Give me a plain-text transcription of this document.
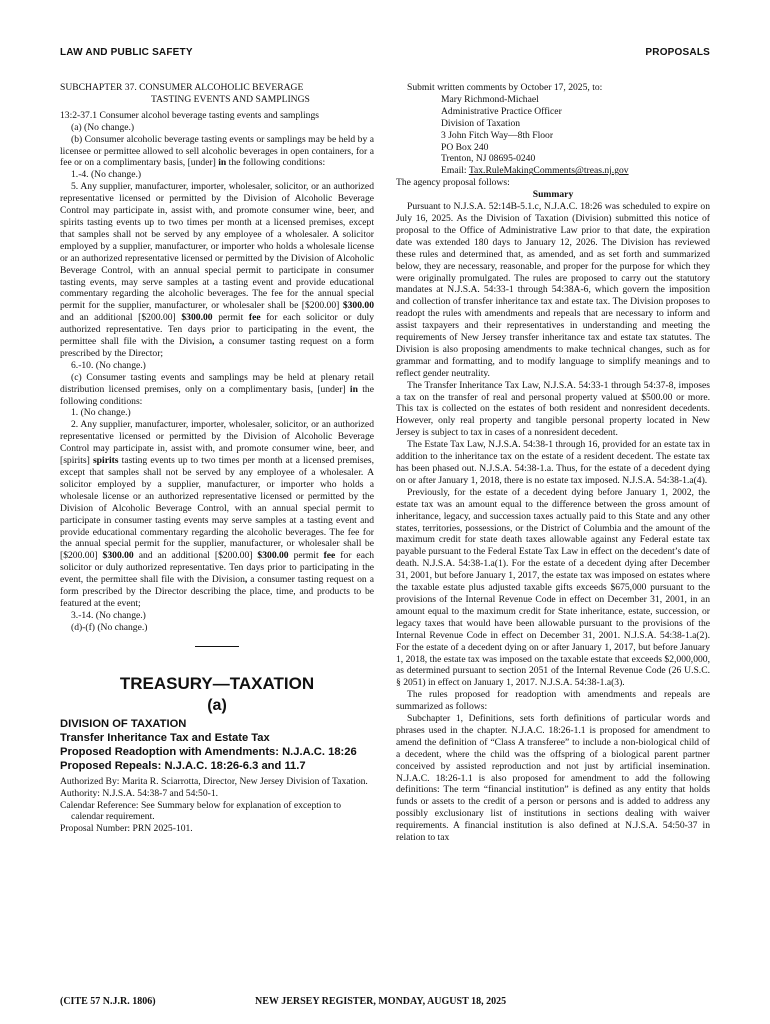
LAW AND PUBLIC SAFETY	PROPOSALS

SUBCHAPTER 37. CONSUMER ALCOHOLIC BEVERAGE
TASTING EVENTS AND SAMPLINGS

13:2-37.1 Consumer alcohol beverage tasting events and samplings

(a) (No change.)

(b) Consumer alcoholic beverage tasting events or samplings may be held by a licensee or permittee allowed to sell alcoholic beverages in open containers, for a fee or on a complimentary basis, [under] in the following conditions:

1.-4. (No change.)

5. Any supplier, manufacturer, importer, wholesaler, solicitor, or an authorized representative licensed or permitted by the Division of Alcoholic Beverage Control may participate in, assist with, and promote consumer wine, beer, and spirits tasting events up to two times per month at a licensed premises, except that samples shall not be served by any employee of a wholesaler. A solicitor employed by a supplier, manufacturer, or importer who holds a wholesale license or an authorized representative licensed or permitted by the Division of Alcoholic Beverage Control, with an annual special permit to participate in consumer tasting events, may serve samples at a tasting event and provide educational commentary regarding the alcoholic beverages. The fee for the annual special permit for the supplier, manufacturer, or wholesaler shall be [$200.00] $300.00 and an additional [$200.00] $300.00 permit fee for each solicitor or duly authorized representative. Ten days prior to participating in the event, the permittee shall file with the Division, a consumer tasting request on a form prescribed by the Director;

6.-10. (No change.)

(c) Consumer tasting events and samplings may be held at plenary retail distribution licensed premises, only on a complimentary basis, [under] in the following conditions:

1. (No change.)

2. Any supplier, manufacturer, importer, wholesaler, solicitor, or an authorized representative licensed or permitted by the Division of Alcoholic Beverage Control may participate in, assist with, and promote consumer wine, beer, and [spirits] spirits tasting events up to two times per month at a licensed premises, except that samples shall not be served by any employee of a wholesaler. A solicitor employed by a supplier, manufacturer, or importer who holds a wholesale license or an authorized representative licensed or permitted by the Division of Alcoholic Beverage Control, with an annual special permit to participate in consumer tasting events may serve samples at a tasting event and provide educational commentary regarding the alcoholic beverages. The fee for the annual special permit for the supplier, manufacturer, or wholesaler shall be [$200.00] $300.00 and an additional [$200.00] $300.00 permit fee for each solicitor or duly authorized representative. Ten days prior to participating in the event, the permittee shall file with the Division, a consumer tasting request on a form prescribed by the Director describing the place, time, and products to be featured at the event;

3.-14. (No change.)

(d)-(f) (No change.)

TREASURY—TAXATION

(a)

DIVISION OF TAXATION

Transfer Inheritance Tax and Estate Tax

Proposed Readoption with Amendments: N.J.A.C. 18:26

Proposed Repeals: N.J.A.C. 18:26-6.3 and 11.7

Authorized By: Marita R. Sciarrotta, Director, New Jersey Division of Taxation.

Authority: N.J.S.A. 54:38-7 and 54:50-1.

Calendar Reference: See Summary below for explanation of exception to calendar requirement.

Proposal Number: PRN 2025-101.

Submit written comments by October 17, 2025, to:

Mary Richmond-Michael

Administrative Practice Officer

Division of Taxation

3 John Fitch Way—8th Floor

PO Box 240

Trenton, NJ 08695-0240

Email: Tax.RuleMakingComments@treas.nj.gov

The agency proposal follows:

Summary

Pursuant to N.J.S.A. 52:14B-5.1.c, N.J.A.C. 18:26 was scheduled to expire on July 16, 2025. As the Division of Taxation (Division) submitted this notice of proposal to the Office of Administrative Law prior to that date, the expiration date was extended 180 days to January 12, 2026. The Division has reviewed these rules and determined that, as amended, and as set forth and summarized below, they are necessary, reasonable, and proper for the purpose for which they were originally promulgated. The rules are proposed to carry out the statutory mandates at N.J.S.A. 54:33-1 through 54:38A-6, which govern the imposition and collection of transfer inheritance tax and estate tax. The Division proposes to readopt the rules with amendments and repeals that are necessary to inform and assist taxpayers and their representatives in understanding and meeting the requirements of New Jersey transfer inheritance tax and estate tax statutes. The Division is also proposing amendments to make technical changes, such as for grammar and formatting, and to modify language to simplify meanings and to reflect gender neutrality.

The Transfer Inheritance Tax Law, N.J.S.A. 54:33-1 through 54:37-8, imposes a tax on the transfer of real and personal property valued at $500.00 or more. This tax is collected on the estates of both resident and nonresident decedents. However, only real property and tangible personal property located in New Jersey is subject to tax in cases of a nonresident decedent.

The Estate Tax Law, N.J.S.A. 54:38-1 through 16, provided for an estate tax in addition to the inheritance tax on the estate of a resident decedent. The estate tax has been phased out. N.J.S.A. 54:38-1.a. Thus, for the estate of a decedent dying on or after January 1, 2018, there is no estate tax imposed. N.J.S.A. 54:38-1.a(4).

Previously, for the estate of a decedent dying before January 1, 2002, the estate tax was an amount equal to the difference between the gross amount of inheritance, legacy, and succession taxes actually paid to this State and any other states, territories, possessions, or the District of Columbia and the amount of the maximum credit for state death taxes allowable against any Federal estate tax payable pursuant to the Federal Estate Tax Law in effect on the decedent’s date of death. N.J.S.A. 54:38-1.a(1). For the estate of a decedent dying after December 31, 2001, but before January 1, 2017, the estate tax was imposed on estates where the taxable estate plus adjusted taxable gifts exceeds $675,000 pursuant to the provisions of the Internal Revenue Code in effect on December 31, 2001, in an amount equal to the maximum credit for State inheritance, estate, succession, or legacy taxes that would have been allowable pursuant to the provisions of the Internal Revenue Code in effect on December 31, 2001. N.J.S.A. 54:38-1.a(2). For the estate of a decedent dying on or after January 1, 2017, but before January 1, 2018, the estate tax was imposed on the taxable estate that exceeds $2,000,000, as determined pursuant to section 2051 of the Internal Revenue Code (26 U.S.C. § 2051) in effect on January 1, 2017. N.J.S.A. 54:38-1.a(3).

The rules proposed for readoption with amendments and repeals are summarized as follows:

Subchapter 1, Definitions, sets forth definitions of particular words and phrases used in the chapter. N.J.A.C. 18:26-1.1 is proposed for amendment to amend the definition of “Class A transferee” to include a non-biological child of a decedent, where the child was the offspring of a biological parent partner conceived by assisted reproduction and not just by artificial insemination. N.J.A.C. 18:26-1.1 is also proposed for amendment to add the following definitions: The term “financial institution” is defined as any entity that holds funds or assets to the credit of a person or persons and is added to address any possibly exclusionary list of institutions in sections dealing with waiver requirements. A financial institution is also defined at N.J.S.A. 54:50-37 in relation to tax

(CITE 57 N.J.R. 1806)	NEW JERSEY REGISTER, MONDAY, AUGUST 18, 2025
